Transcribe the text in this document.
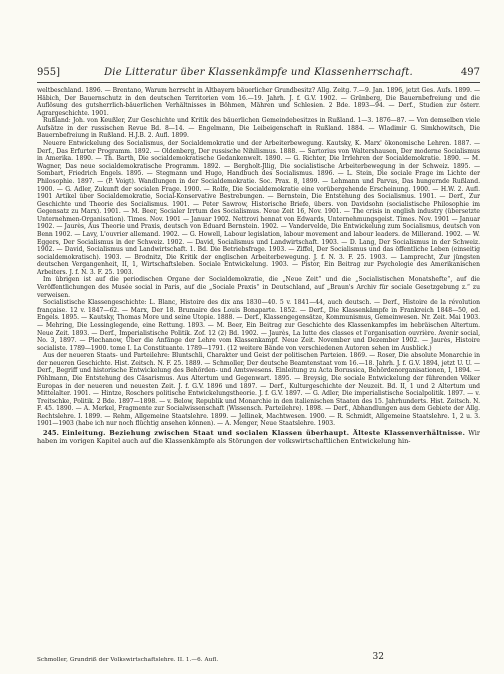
955]	Die Litteratur über Klassenkämpfe und Klassenherrschaft.	497

weltbeschland. 1896. — Brentano, Warum herrscht in Altbayern bäuerlicher Grundbesitz? Allg. Zeitg. 7.—9. Jan. 1896, jetzt Ges. Aufs. 1899. — Häbich, Der Bauernschutz in den deutschen Territorien vom 16.—19. Jahrh. J. f. G.V. 1902. — Grünberg, Die Bauernbefreiung und die Auflösung des gutsherrlich-bäuerlichen Verhältnisses in Böhmen, Mähren und Schlesien. 2 Bde. 1893—94. — Derf., Studien zur österr. Agrargeschichte. 1901.

Rußland: Joh. von Keußler, Zur Geschichte und Kritik des bäuerlichen Gemeindebesitzes in Rußland. 1—3. 1876—87. — Von demselben viele Aufsätze in der russischen Revue Bd. 8—14. — Engelmann, Die Leibeigenschaft in Rußland. 1884. — Wladimir G. Simkhowitsch, Die Bauernbefreiung in Rußland. H.J.B. 2. Aufl. 1899.

Neuere Entwickelung des Socialismus, der Socialdemokratie und der Arbeiterbewegung. Kautsky, K. Marx' ökonomische Lehren. 1887. — Derf., Das Erfurter Programm. 1892. — Oldenberg, Der russische Nihilismus. 1888. — Sartorius von Waltershausen, Der moderne Socialismus in Amerika. 1890. — Th. Barth, Die socialdemokratische Gedankenwelt. 1890. — G. Richter, Die Irrlehren der Socialdemokratie. 1890. — M. Wagner, Das neue socialdemokratische Programm. 1892. — Bergholt-Jllig, Die socialistische Arbeiterbewegung in der Schweiz. 1895. — Sombart, Friedrich Engels. 1895. — Stegmann und Hugo, Handbuch des Socialismus. 1896. — L. Stein, Die sociale Frage im Lichte der Philosophie. 1897. — (P. Voigt). Wandlungen in der Socialdemokratie. Soc. Prax. 8, 1899. — Lehmann und Parvus, Das hungernde Rußland. 1900. — G. Adler, Zukunft der socialen Frage. 1900. — Rolfe, Die Socialdemokratie eine vorübergehende Erscheinung. 1900. — H.W. 2. Aufl. 1901 Artikel über Socialdemokratie, Social-Konservative Bestrebungen. — Bernstein, Die Entstehung des Socialismus. 1901. — Derf., Zur Geschichte und Theorie des Socialismus. 1901. — Peter Sawrow, Historische Briefe, übers. von Davidsohn (socialistische Philosophie im Gegensatz zu Marx). 1901. — M. Beer, Socialer Irrtum des Socialismus. Neue Zeit 16, Nov. 1901. — The crisis in english industry (übersetzte Unternehmen-Organisation). Times. Nov. 1901 — Januar 1902. Nettrovi hennat von Edwards, Unternehmungsgeist. Times. Nov. 1901 — Januar 1902. — Jaurès, Aus Theorie und Praxis, deutsch von Eduard Bernstein. 1902. — Vandervelde, Die Entwickelung zum Socialismus, deutsch von Benn 1902. — Lavy, L'ouvrier allemand. 1902. — G. Howell, Labour legislation, labour movement and labour leaders. de Millerand. 1902. — W. Eggers, Der Socialismus in der Schweiz. 1902. — David, Socialismus und Landwirtschaft. 1903. — D. Lang, Der Socialismus in der Schweiz. 1902. — David, Socialismus und Landwirtschaft. 1. Bd. Die Betriebsfrage. 1903. — Ziffel, Der Socialismus und das öffentliche Leben (einseitig socialdemokratisch). 1903. — Brodnitz, Die Kritik der englischen Arbeiterbewegung. J. f. N. 3. F. 25. 1903. — Lamprecht, Zur jüngsten deutschen Vergangenheit, II, 1, Wirtschaftsleben. Sociale Entwickelung. 1903. — Pistor, Ein Beitrag zur Psychologie des Amerikanischen Arbeiters. J. f. N. 3. F. 25. 1903.

Im übrigen ist auf die periodischen Organe der Socialdemokratie, die „Neue Zeit“ und die „Socialistischen Monatshefte“, auf die Veröffentlichungen des Musée social in Paris, auf die „Sociale Praxis“ in Deutschland, auf „Braun's Archiv für sociale Gesetzgebung z.“ zu verweisen.

Socialistische Klassengeschichte: L. Blanc, Histoire des dix ans 1830—40. 5 v. 1841—44, auch deutsch. — Derf., Histoire de la révolution française. 12 v. 1847—62. — Marx, Der 18. Brumaire des Louis Bonaparte. 1852. — Derf., Die Klassenkämpfe in Frankreich 1848—50, ed. Engels. 1895. — Kautsky, Thomas More und seine Utopie. 1888. — Derf., Klassengegensätze, Kommunismus, Gemeinwesen. Nr. Zeit. Mai 1903. — Mehring, Die Lessinglegende, eine Rettung. 1893. — M. Beer, Ein Beitrag zur Geschichte des Klassenkampfes im hebräischen Altertum. Neue Zeit. 1893. — Derf., Imperialistische Politik. Zof. 12 (2) Bd. 1902. — Jaurès, La lutte des classes et l'organisation ouvrière. Avenir social, No. 3, 1897. — Plechanow, Über die Anfänge der Lehre vom Klassenkampf. Neue Zeit. November und Dezember 1902. — Jaurès, Histoire socialiste. 1789—1900. tome I. La Constituante. 1789—1791. (12 weitere Bände von verschiedenen Autoren sehen im Ausblick.)

Aus der neueren Staats- und Parteilehre: Bluntschli, Charakter und Geist der politischen Parteien. 1869. — Roser, Die absolute Monarchie in der neueren Geschichte. Hist. Zeitsch. N. F. 25. 1889. — Schmoller, Der deutsche Beamtenstaat vom 16.—18. Jahrh. J. f. G.V. 1894, jetzt U. U. — Derf., Begriff und historische Entwickelung des Behörden- und Amtswesens. Einleitung zu Acta Borussica, Behördenorganisationen, I, 1894. — Pöhlmann, Die Entstehung des Cäsarismus. Aus Altertum und Gegenwart. 1895. — Breysig, Die sociale Entwickelung der führenden Völker Europas in der neueren und neuesten Zeit. J. f. G.V. 1896 und 1897. — Derf., Kulturgeschichte der Neuzeit. Bd. II, 1 und 2 Altertum und Mittelalter. 1901. — Hintze, Roschers politische Entwickelungstheorie. J. f. G.V. 1897. — G. Adler, Die imperialistische Socialpolitik. 1897. — v. Treitschke, Politik. 2 Bde. 1897—1898. — v. Below, Republik und Monarchie in den italienischen Staaten des 15. Jahrhunderts. Hist. Zeitsch. N. F. 45. 1890. — A. Merkel, Fragmente zur Socialwissenschaft (Wissensch. Parteilehre). 1898. — Derf., Abhandlungen aus dem Gebiete der Allg. Rechtslehre. I. 1899. — Rehm, Allgemeine Staatslehre. 1899. — Jellinek, Machtwesen. 1900. — R. Schmidt, Allgemeine Staatslehre. 1, 2 u. 3. 1901—1903 (habe ich nur noch flüchtig ansehen können). — A. Menger, Neue Staatslehre. 1903.

245. Einleitung. Beziehung zwischen Staat und socialen Klassen überhaupt. Älteste Klassenverhältnisse. Wir haben im vorigen Kapitel auch auf die Klassenkämpfe als Störungen der volkswirtschaftlichen Entwickelung hin-

Schmoller, Grundriß der Volkswirtschaftslehre. II. 1.—6. Aufl.	32
